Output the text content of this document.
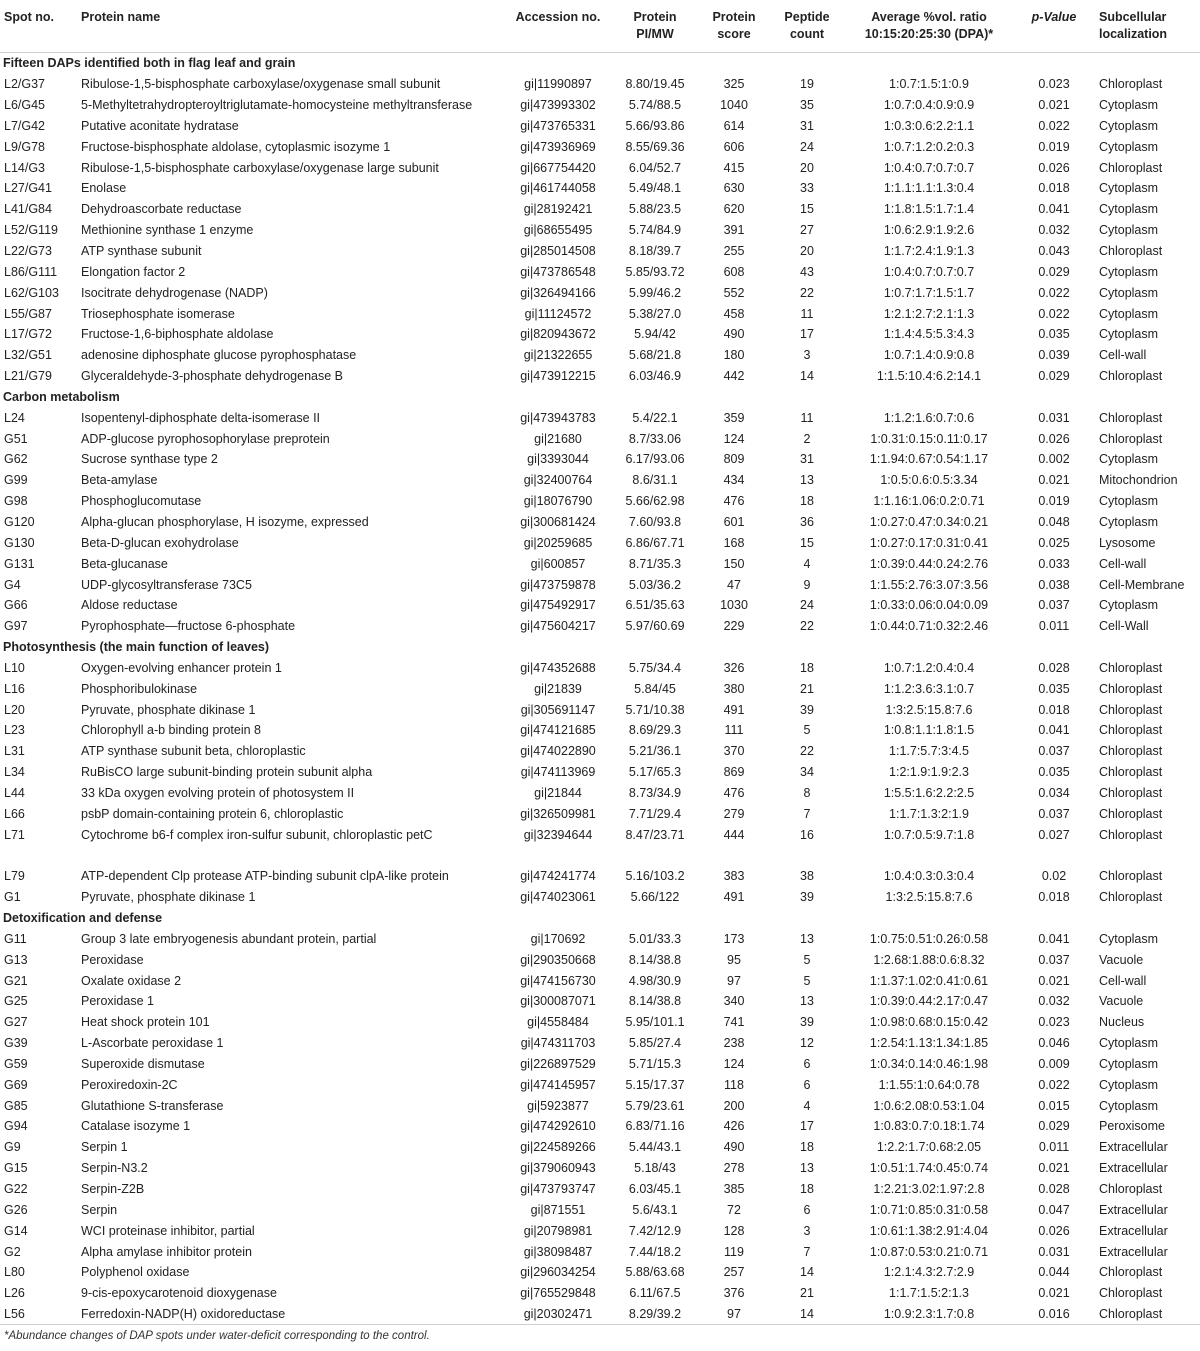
Spot no.	Protein name	Accession no.	Protein PI/MW	Protein score	Peptide count	Average %vol. ratio 10:15:20:25:30 (DPA)*	p-Value	Subcellular localization
Fifteen DAPs identified both in flag leaf and grain								
L2/G37	Ribulose-1,5-bisphosphate carboxylase/oxygenase small subunit	gi|11990897	8.80/19.45	325	19	1:0.7:1.5:1:0.9	0.023	Chloroplast
L6/G45	5-Methyltetrahydropteroyltriglutamate-homocysteine methyltransferase	gi|473993302	5.74/88.5	1040	35	1:0.7:0.4:0.9:0.9	0.021	Cytoplasm
L7/G42	Putative aconitate hydratase	gi|473765331	5.66/93.86	614	31	1:0.3:0.6:2.2:1.1	0.022	Cytoplasm
L9/G78	Fructose-bisphosphate aldolase, cytoplasmic isozyme 1	gi|473936969	8.55/69.36	606	24	1:0.7:1.2:0.2:0.3	0.019	Cytoplasm
L14/G3	Ribulose-1,5-bisphosphate carboxylase/oxygenase large subunit	gi|667754420	6.04/52.7	415	20	1:0.4:0.7:0.7:0.7	0.026	Chloroplast
L27/G41	Enolase	gi|461744058	5.49/48.1	630	33	1:1.1:1.1:1.3:0.4	0.018	Cytoplasm
L41/G84	Dehydroascorbate reductase	gi|28192421	5.88/23.5	620	15	1:1.8:1.5:1.7:1.4	0.041	Cytoplasm
L52/G119	Methionine synthase 1 enzyme	gi|68655495	5.74/84.9	391	27	1:0.6:2.9:1.9:2.6	0.032	Cytoplasm
L22/G73	ATP synthase subunit	gi|285014508	8.18/39.7	255	20	1:1.7:2.4:1.9:1.3	0.043	Chloroplast
L86/G111	Elongation factor 2	gi|473786548	5.85/93.72	608	43	1:0.4:0.7:0.7:0.7	0.029	Cytoplasm
L62/G103	Isocitrate dehydrogenase (NADP)	gi|326494166	5.99/46.2	552	22	1:0.7:1.7:1.5:1.7	0.022	Cytoplasm
L55/G87	Triosephosphate isomerase	gi|11124572	5.38/27.0	458	11	1:2.1:2.7:2.1:1.3	0.022	Cytoplasm
L17/G72	Fructose-1,6-biphosphate aldolase	gi|820943672	5.94/42	490	17	1:1.4:4.5:5.3:4.3	0.035	Cytoplasm
L32/G51	adenosine diphosphate glucose pyrophosphatase	gi|21322655	5.68/21.8	180	3	1:0.7:1.4:0.9:0.8	0.039	Cell-wall
L21/G79	Glyceraldehyde-3-phosphate dehydrogenase B	gi|473912215	6.03/46.9	442	14	1:1.5:10.4:6.2:14.1	0.029	Chloroplast
Carbon metabolism								
L24	Isopentenyl-diphosphate delta-isomerase II	gi|473943783	5.4/22.1	359	11	1:1.2:1.6:0.7:0.6	0.031	Chloroplast
G51	ADP-glucose pyrophosophorylase preprotein	gi|21680	8.7/33.06	124	2	1:0.31:0.15:0.11:0.17	0.026	Chloroplast
G62	Sucrose synthase type 2	gi|3393044	6.17/93.06	809	31	1:1.94:0.67:0.54:1.17	0.002	Cytoplasm
G99	Beta-amylase	gi|32400764	8.6/31.1	434	13	1:0.5:0.6:0.5:3.34	0.021	Mitochondrion
G98	Phosphoglucomutase	gi|18076790	5.66/62.98	476	18	1:1.16:1.06:0.2:0.71	0.019	Cytoplasm
G120	Alpha-glucan phosphorylase, H isozyme, expressed	gi|300681424	7.60/93.8	601	36	1:0.27:0.47:0.34:0.21	0.048	Cytoplasm
G130	Beta-D-glucan exohydrolase	gi|20259685	6.86/67.71	168	15	1:0.27:0.17:0.31:0.41	0.025	Lysosome
G131	Beta-glucanase	gi|600857	8.71/35.3	150	4	1:0.39:0.44:0.24:2.76	0.033	Cell-wall
G4	UDP-glycosyltransferase 73C5	gi|473759878	5.03/36.2	47	9	1:1.55:2.76:3.07:3.56	0.038	Cell-Membrane
G66	Aldose reductase	gi|475492917	6.51/35.63	1030	24	1:0.33:0.06:0.04:0.09	0.037	Cytoplasm
G97	Pyrophosphate—fructose 6-phosphate	gi|475604217	5.97/60.69	229	22	1:0.44:0.71:0.32:2.46	0.011	Cell-Wall
Photosynthesis (the main function of leaves)								
L10	Oxygen-evolving enhancer protein 1	gi|474352688	5.75/34.4	326	18	1:0.7:1.2:0.4:0.4	0.028	Chloroplast
L16	Phosphoribulokinase	gi|21839	5.84/45	380	21	1:1.2:3.6:3.1:0.7	0.035	Chloroplast
L20	Pyruvate, phosphate dikinase 1	gi|305691147	5.71/10.38	491	39	1:3:2.5:15.8:7.6	0.018	Chloroplast
L23	Chlorophyll a-b binding protein 8	gi|474121685	8.69/29.3	111	5	1:0.8:1.1:1.8:1.5	0.041	Chloroplast
L31	ATP synthase subunit beta, chloroplastic	gi|474022890	5.21/36.1	370	22	1:1.7:5.7:3:4.5	0.037	Chloroplast
L34	RuBisCO large subunit-binding protein subunit alpha	gi|474113969	5.17/65.3	869	34	1:2:1.9:1.9:2.3	0.035	Chloroplast
L44	33 kDa oxygen evolving protein of photosystem II	gi|21844	8.73/34.9	476	8	1:5.5:1.6:2.2:2.5	0.034	Chloroplast
L66	psbP domain-containing protein 6, chloroplastic	gi|326509981	7.71/29.4	279	7	1:1.7:1.3:2:1.9	0.037	Chloroplast
L71	Cytochrome b6-f complex iron-sulfur subunit, chloroplastic petC	gi|32394644	8.47/23.71	444	16	1:0.7:0.5:9.7:1.8	0.027	Chloroplast

L79	ATP-dependent Clp protease ATP-binding subunit clpA-like protein	gi|474241774	5.16/103.2	383	38	1:0.4:0.3:0.3:0.4	0.02	Chloroplast
G1	Pyruvate, phosphate dikinase 1	gi|474023061	5.66/122	491	39	1:3:2.5:15.8:7.6	0.018	Chloroplast
Detoxification and defense								
G11	Group 3 late embryogenesis abundant protein, partial	gi|170692	5.01/33.3	173	13	1:0.75:0.51:0.26:0.58	0.041	Cytoplasm
G13	Peroxidase	gi|290350668	8.14/38.8	95	5	1:2.68:1.88:0.6:8.32	0.037	Vacuole
G21	Oxalate oxidase 2	gi|474156730	4.98/30.9	97	5	1:1.37:1.02:0.41:0.61	0.021	Cell-wall
G25	Peroxidase 1	gi|300087071	8.14/38.8	340	13	1:0.39:0.44:2.17:0.47	0.032	Vacuole
G27	Heat shock protein 101	gi|4558484	5.95/101.1	741	39	1:0.98:0.68:0.15:0.42	0.023	Nucleus
G39	L-Ascorbate peroxidase 1	gi|474311703	5.85/27.4	238	12	1:2.54:1.13:1.34:1.85	0.046	Cytoplasm
G59	Superoxide dismutase	gi|226897529	5.71/15.3	124	6	1:0.34:0.14:0.46:1.98	0.009	Cytoplasm
G69	Peroxiredoxin-2C	gi|474145957	5.15/17.37	118	6	1:1.55:1:0.64:0.78	0.022	Cytoplasm
G85	Glutathione S-transferase	gi|5923877	5.79/23.61	200	4	1:0.6:2.08:0.53:1.04	0.015	Cytoplasm
G94	Catalase isozyme 1	gi|474292610	6.83/71.16	426	17	1:0.83:0.7:0.18:1.74	0.029	Peroxisome
G9	Serpin 1	gi|224589266	5.44/43.1	490	18	1:2.2:1.7:0.68:2.05	0.011	Extracellular
G15	Serpin-N3.2	gi|379060943	5.18/43	278	13	1:0.51:1.74:0.45:0.74	0.021	Extracellular
G22	Serpin-Z2B	gi|473793747	6.03/45.1	385	18	1:2.21:3.02:1.97:2.8	0.028	Chloroplast
G26	Serpin	gi|871551	5.6/43.1	72	6	1:0.71:0.85:0.31:0.58	0.047	Extracellular
G14	WCI proteinase inhibitor, partial	gi|20798981	7.42/12.9	128	3	1:0.61:1.38:2.91:4.04	0.026	Extracellular
G2	Alpha amylase inhibitor protein	gi|38098487	7.44/18.2	119	7	1:0.87:0.53:0.21:0.71	0.031	Extracellular
L80	Polyphenol oxidase	gi|296034254	5.88/63.68	257	14	1:2.1:4.3:2.7:2.9	0.044	Chloroplast
L26	9-cis-epoxycarotenoid dioxygenase	gi|765529848	6.11/67.5	376	21	1:1.7:1.5:2:1.3	0.021	Chloroplast
L56	Ferredoxin-NADP(H) oxidoreductase	gi|20302471	8.29/39.2	97	14	1:0.9:2.3:1.7:0.8	0.016	Chloroplast
*Abundance changes of DAP spots under water-deficit corresponding to the control.
